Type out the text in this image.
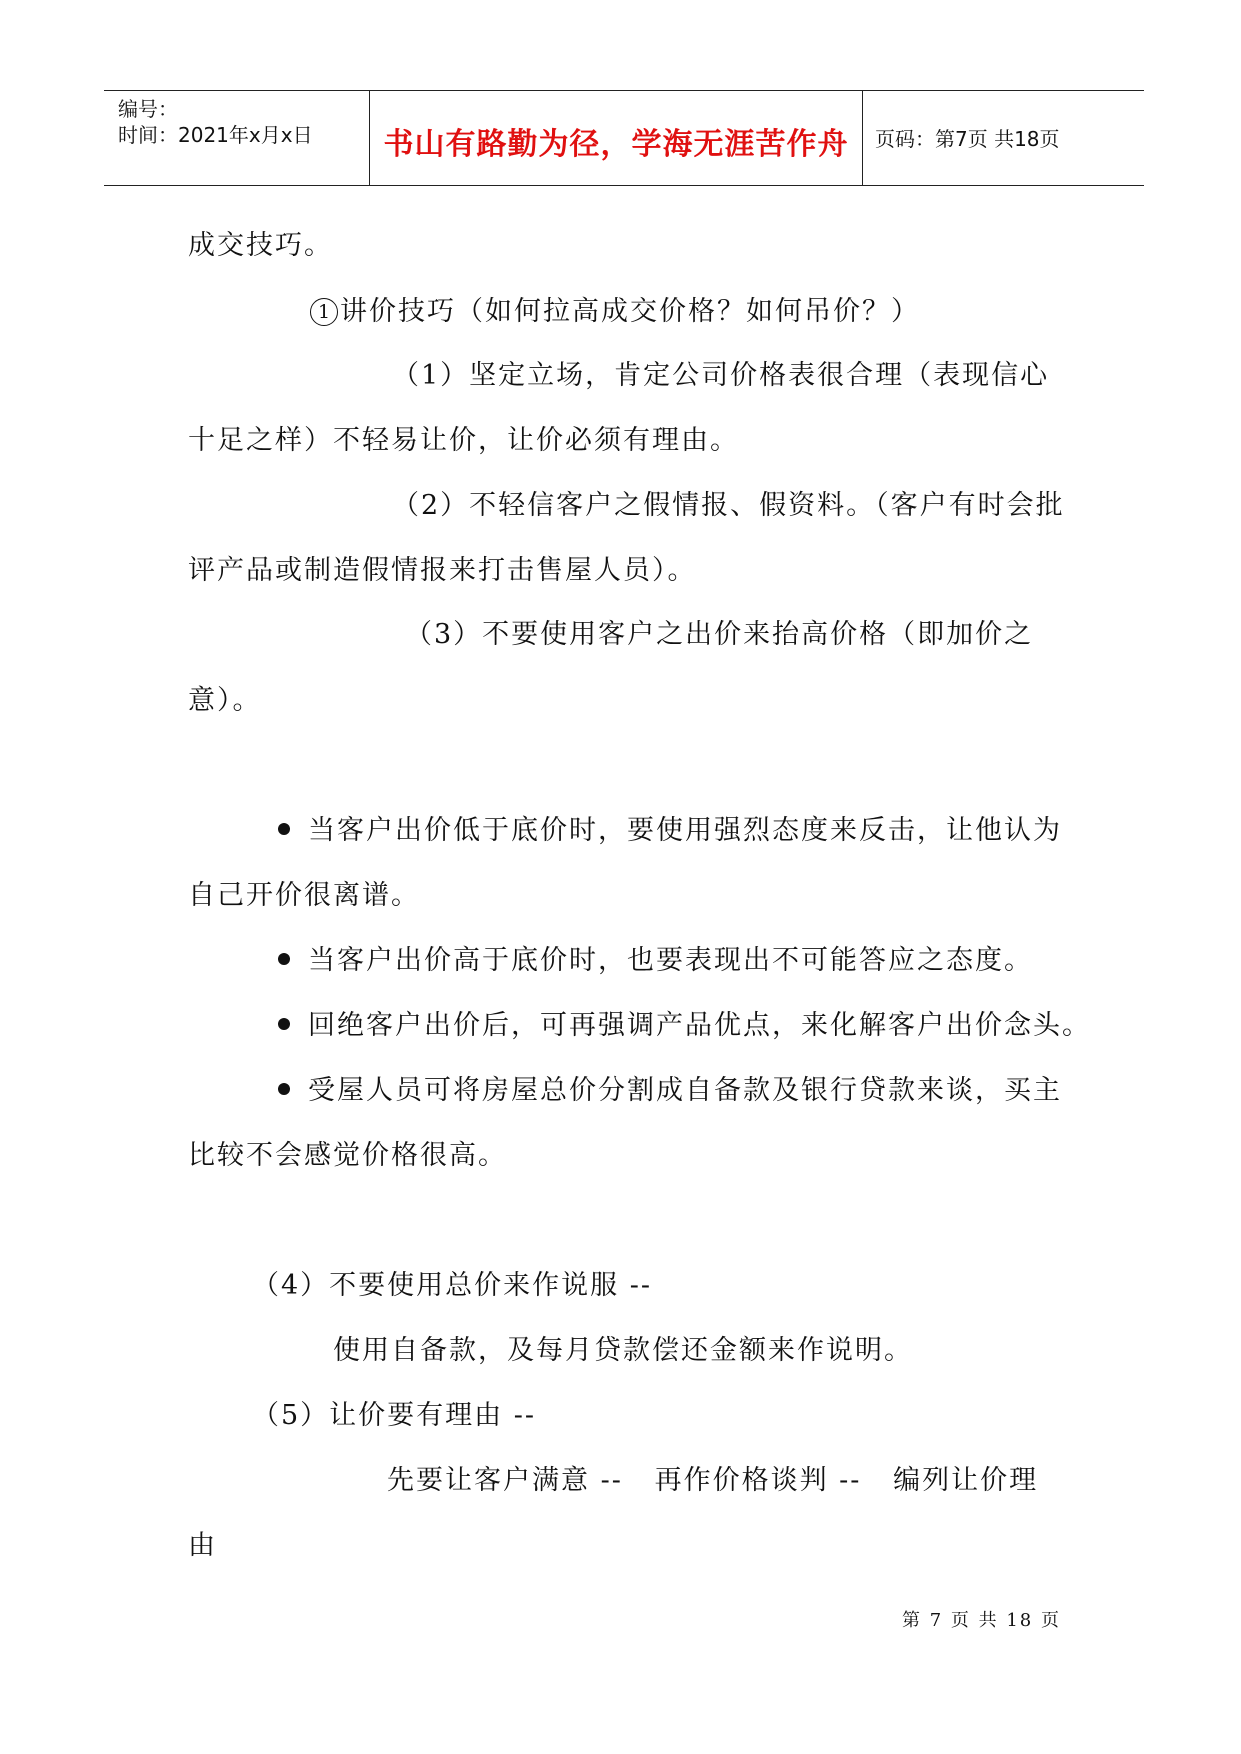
编号：
时间：2021年x月x日	书山有路勤为径，学海无涯苦作舟	页码：第7页 共18页
成交技巧。
1 讲价技巧（如何拉高成交价格？如何吊价？）
（1）坚定立场，肯定公司价格表很合理（表现信心
十足之样）不轻易让价，让价必须有理由。
（2）不轻信客户之假情报、假资料。（客户有时会批
评产品或制造假情报来打击售屋人员）。
（3）不要使用客户之出价来抬高价格（即加价之
意）。
当客户出价低于底价时，要使用强烈态度来反击，让他认为
自己开价很离谱。
当客户出价高于底价时，也要表现出不可能答应之态度。
回绝客户出价后，可再强调产品优点，来化解客户出价念头。
受屋人员可将房屋总价分割成自备款及银行贷款来谈，买主
比较不会感觉价格很高。
（4）不要使用总价来作说服 --
使用自备款，及每月贷款偿还金额来作说明。
（5）让价要有理由 --
先要让客户满意 --   再作价格谈判 --   编列让价理
由
第 7 页 共 18 页
